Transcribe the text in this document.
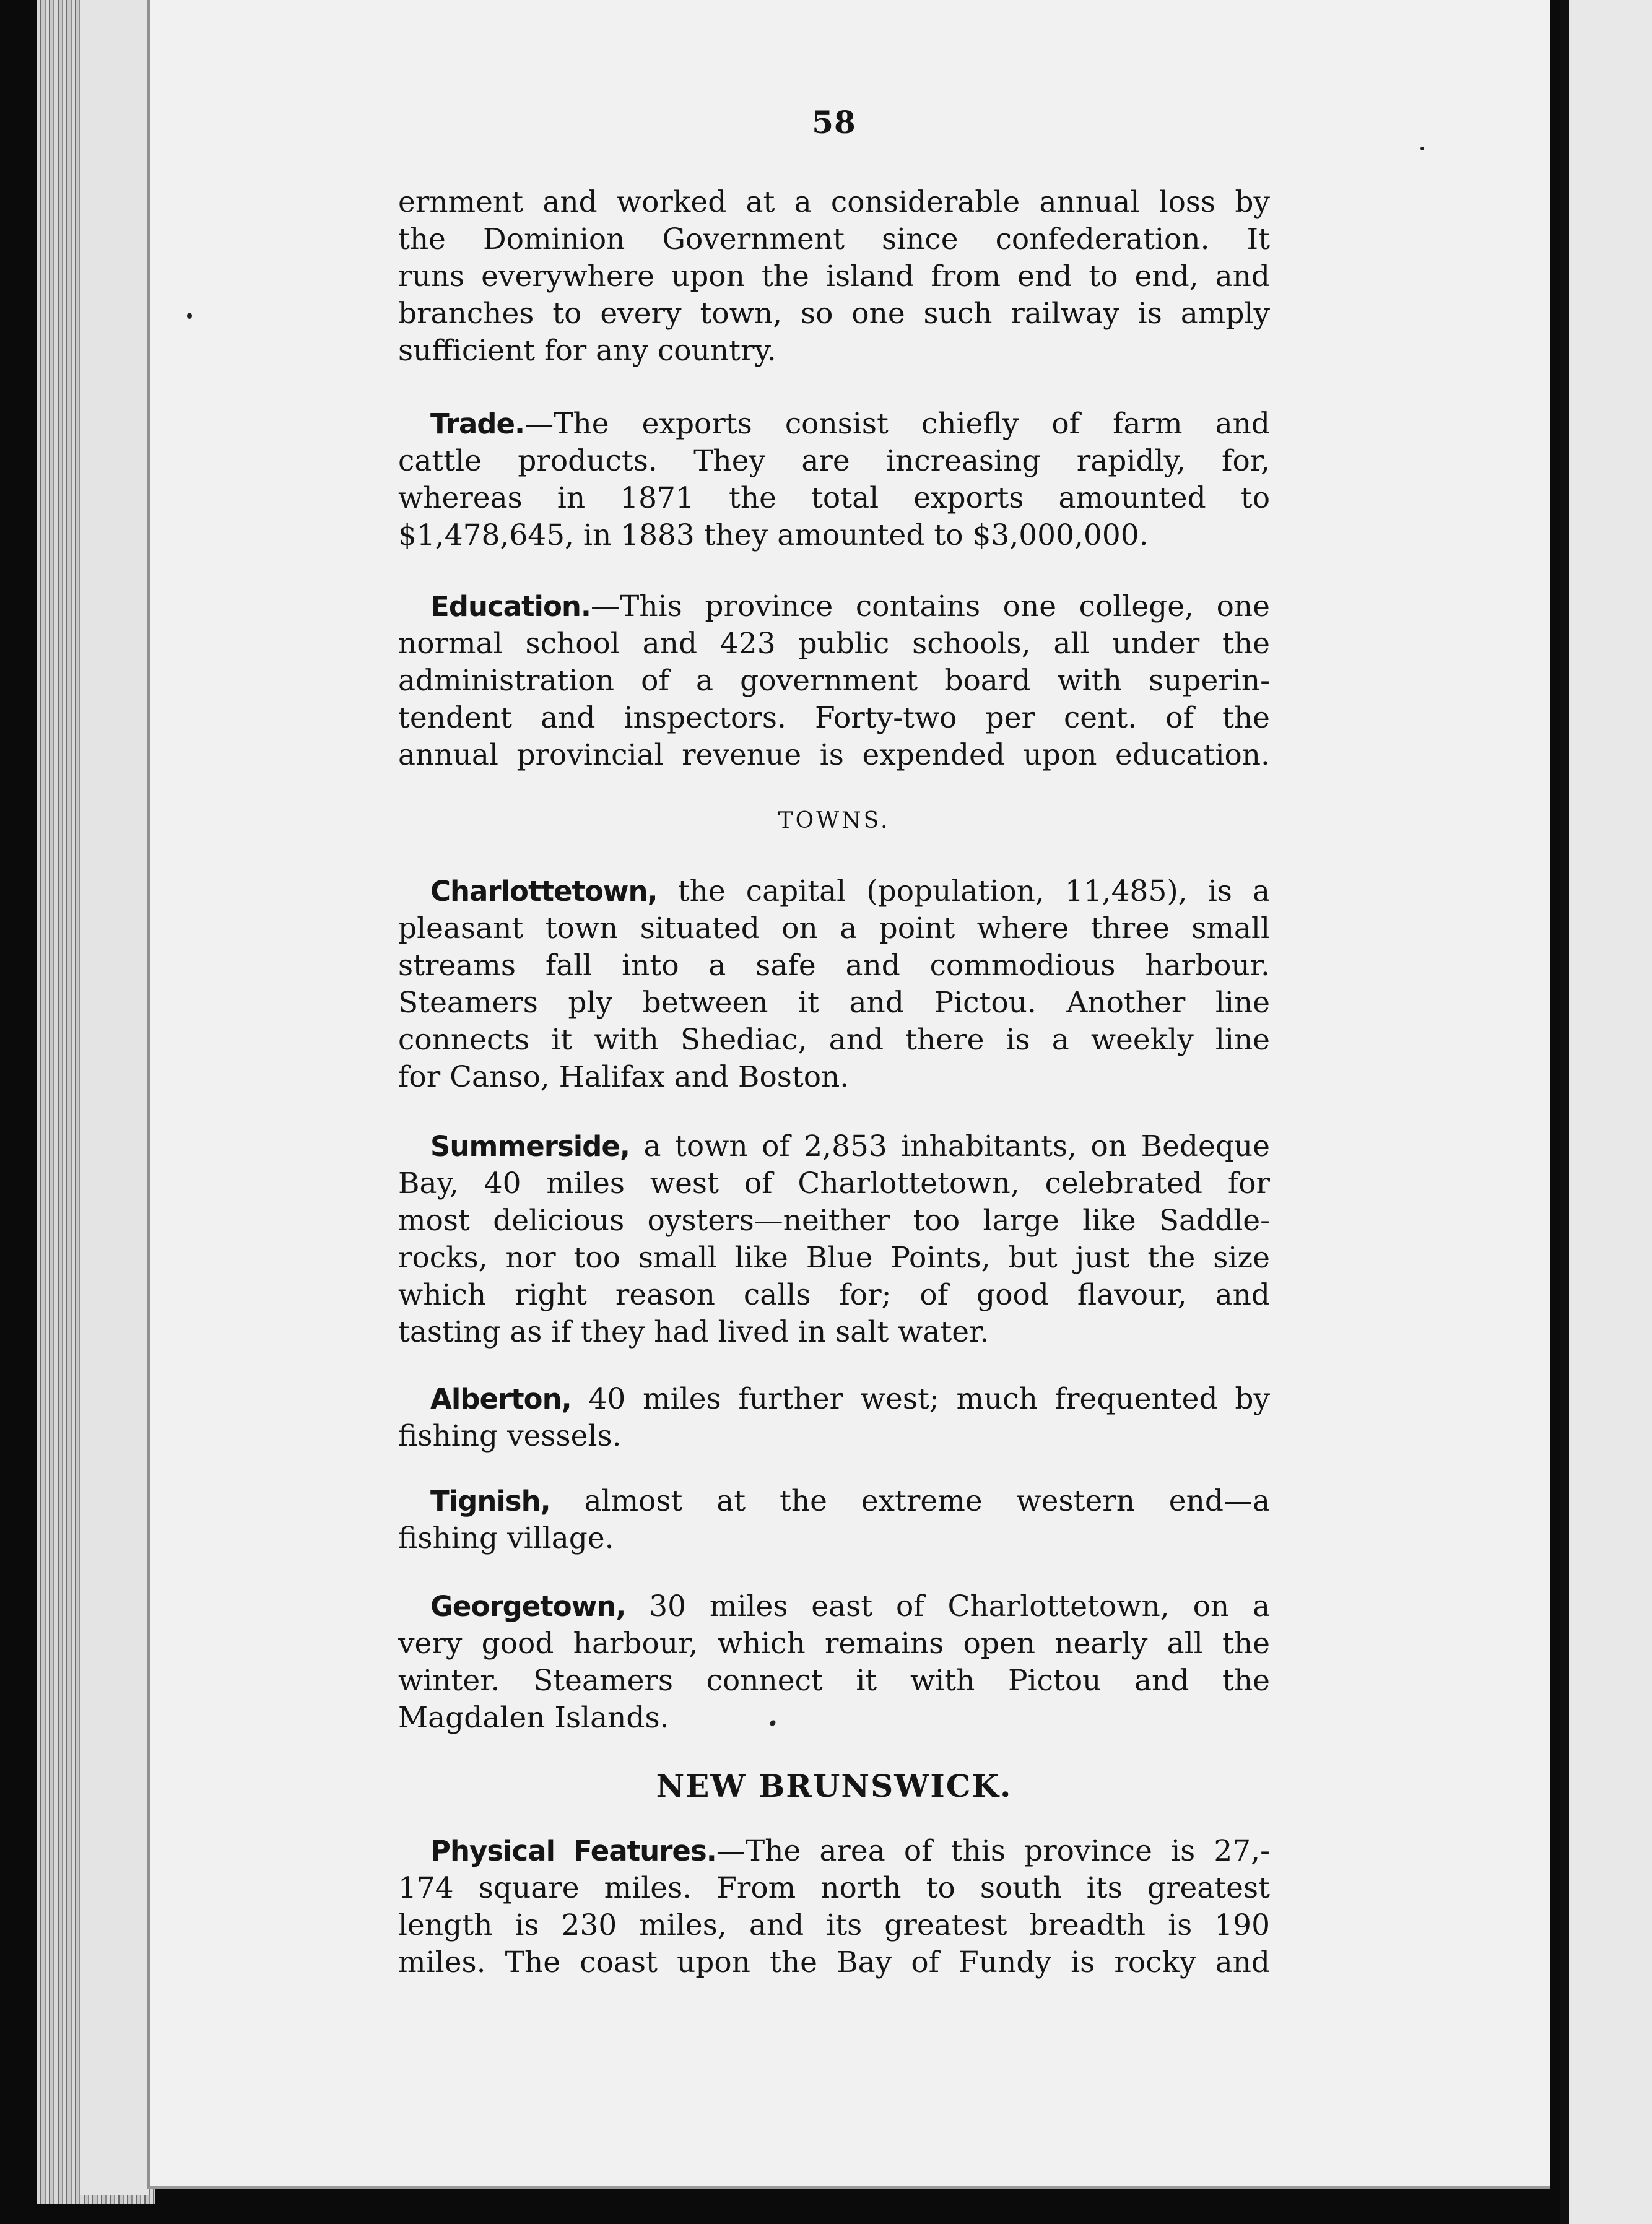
58
ernment and worked at a considerable annual loss by
the Dominion Government since confederation. It
runs everywhere upon the island from end to end, and
branches to every town, so one such railway is amply
sufficient for any country.
Trade.—The exports consist chiefly of farm and
cattle products. They are increasing rapidly, for,
whereas in 1871 the total exports amounted to
$1,478,645, in 1883 they amounted to $3,000,000.
Education.—This province contains one college, one
normal school and 423 public schools, all under the
administration of a government board with superin-
tendent and inspectors. Forty-two per cent. of the
annual provincial revenue is expended upon education.
TOWNS.
Charlottetown, the capital (population, 11,485), is a
pleasant town situated on a point where three small
streams fall into a safe and commodious harbour.
Steamers ply between it and Pictou. Another line
connects it with Shediac, and there is a weekly line
for Canso, Halifax and Boston.
Summerside, a town of 2,853 inhabitants, on Bedeque
Bay, 40 miles west of Charlottetown, celebrated for
most delicious oysters—neither too large like Saddle-
rocks, nor too small like Blue Points, but just the size
which right reason calls for; of good flavour, and
tasting as if they had lived in salt water.
Alberton, 40 miles further west; much frequented by
fishing vessels.
Tignish, almost at the extreme western end—a
fishing village.
Georgetown, 30 miles east of Charlottetown, on a
very good harbour, which remains open nearly all the
winter. Steamers connect it with Pictou and the
Magdalen Islands.
NEW BRUNSWICK.
Physical Features.—The area of this province is 27,-
174 square miles. From north to south its greatest
length is 230 miles, and its greatest breadth is 190
miles. The coast upon the Bay of Fundy is rocky and
